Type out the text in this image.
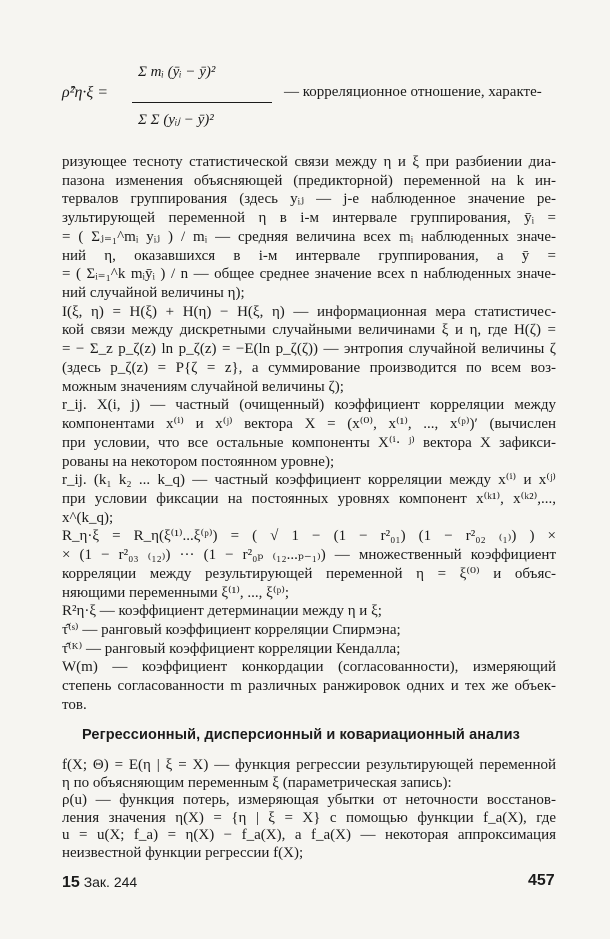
ρ̂²η·ξ =
Σ mᵢ (ȳᵢ − ȳ)²
Σ Σ (yᵢⱼ − ȳ)²
— корреляционное отношение, характе-

ризующее тесноту статистической связи между η и ξ при разбиении диа-

пазона изменения объясняющей (предикторной) переменной на k ин-

тервалов группирования (здесь yᵢⱼ — j-е наблюденное значение ре-

зультирующей переменной η в i-м интервале группирования, ȳᵢ =

= ( Σⱼ₌₁^mᵢ yᵢⱼ ) / mᵢ — средняя величина всех mᵢ наблюденных значе-

ний η, оказавшихся в i-м интервале группирования, а ȳ =

= ( Σᵢ₌₁^k mᵢȳᵢ ) / n — общее среднее значение всех n наблюденных значе-

ний случайной величины η);

I(ξ, η) = H(ξ) + H(η) − H(ξ, η) — информационная мера статистичес-

кой связи между дискретными случайными величинами ξ и η, где H(ζ) =

= − Σ_z p_ζ(z) ln p_ζ(z) = −E(ln p_ζ(ζ)) — энтропия случайной величины ζ

(здесь p_ζ(z) = P{ζ = z}, а суммирование производится по всем воз-

можным значениям случайной величины ζ);

r_ij. X(i, j) — частный (очищенный) коэффициент корреляции между

компонентами x⁽ⁱ⁾ и x⁽ʲ⁾ вектора X = (x⁽⁰⁾, x⁽¹⁾, ..., x⁽ᵖ⁾)′ (вычислен

при условии, что все остальные компоненты X⁽ⁱ· ʲ⁾ вектора X зафикси-

рованы на некотором постоянном уровне);

r_ij. (k₁ k₂ ... k_q) — частный коэффициент корреляции между x⁽ⁱ⁾ и x⁽ʲ⁾

при условии фиксации на постоянных уровнях компонент x⁽ᵏ¹⁾, x⁽ᵏ²⁾,...,

x^(k_q);

R_η·ξ = R_η(ξ⁽¹⁾...ξ⁽ᵖ⁾) = ( √ 1 − (1 − r²₀₁) (1 − r²₀₂ ₍₁₎) ) ×

× (1 − r²₀₃ ₍₁₂₎) ··· (1 − r²₀ₚ ₍₁₂...ₚ₋₁₎) — множественный коэффициент

корреляции между результирующей переменной η = ξ⁽⁰⁾ и объяс-

няющими переменными ξ⁽¹⁾, ..., ξ⁽ᵖ⁾;

R²η·ξ — коэффициент детерминации между η и ξ;

τ̂⁽ˢ⁾ — ранговый коэффициент корреляции Спирмэна;

τ̂⁽ᴷ⁾ — ранговый коэффициент корреляции Кендалла;

W(m) — коэффициент конкордации (согласованности), измеряющий

степень согласованности m различных ранжировок одних и тех же объек-

тов.

Регрессионный, дисперсионный и ковариационный анализ

f(X; Θ) = E(η | ξ = X) — функция регрессии результирующей переменной

η по объясняющим переменным ξ (параметрическая запись):

ρ(u) — функция потерь, измеряющая убытки от неточности восстанов-

ления значения η(X) = {η | ξ = X} с помощью функции f_a(X), где

u = u(X; f_a) = η(X) − f_a(X), а f_a(X) — некоторая аппроксимация

неизвестной функции регрессии f(X);

15 Зак. 244	457
